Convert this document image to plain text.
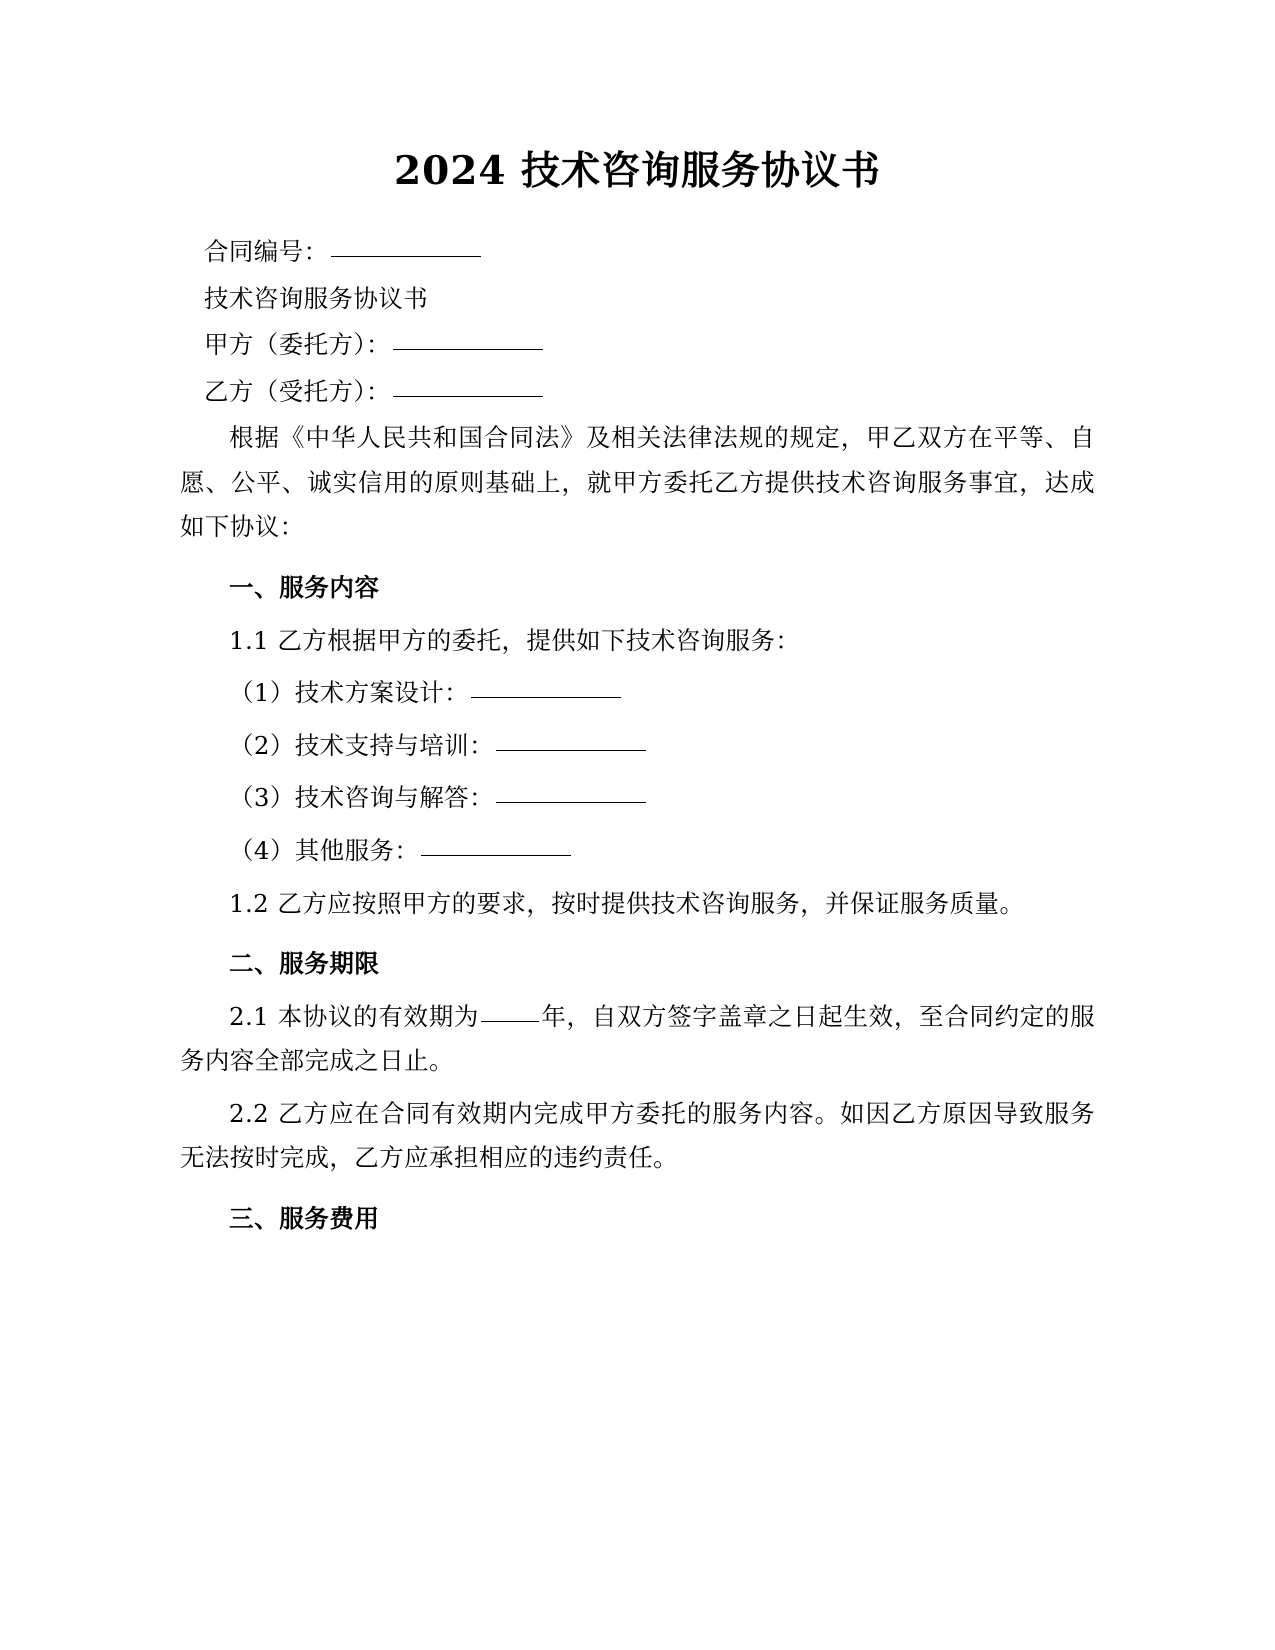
2024 技术咨询服务协议书

合同编号：

技术咨询服务协议书

甲方（委托方）：

乙方（受托方）：

根据《中华人民共和国合同法》及相关法律法规的规定，甲乙双方在平等、自愿、公平、诚实信用的原则基础上，就甲方委托乙方提供技术咨询服务事宜，达成如下协议：

一、服务内容

1.1 乙方根据甲方的委托，提供如下技术咨询服务：

（1）技术方案设计：

（2）技术支持与培训：

（3）技术咨询与解答：

（4）其他服务：

1.2 乙方应按照甲方的要求，按时提供技术咨询服务，并保证服务质量。

二、服务期限

2.1 本协议的有效期为	年，自双方签字盖章之日起生效，至合同约定的服务内容全部完成之日止。

2.2 乙方应在合同有效期内完成甲方委托的服务内容。如因乙方原因导致服务无法按时完成，乙方应承担相应的违约责任。

三、服务费用
